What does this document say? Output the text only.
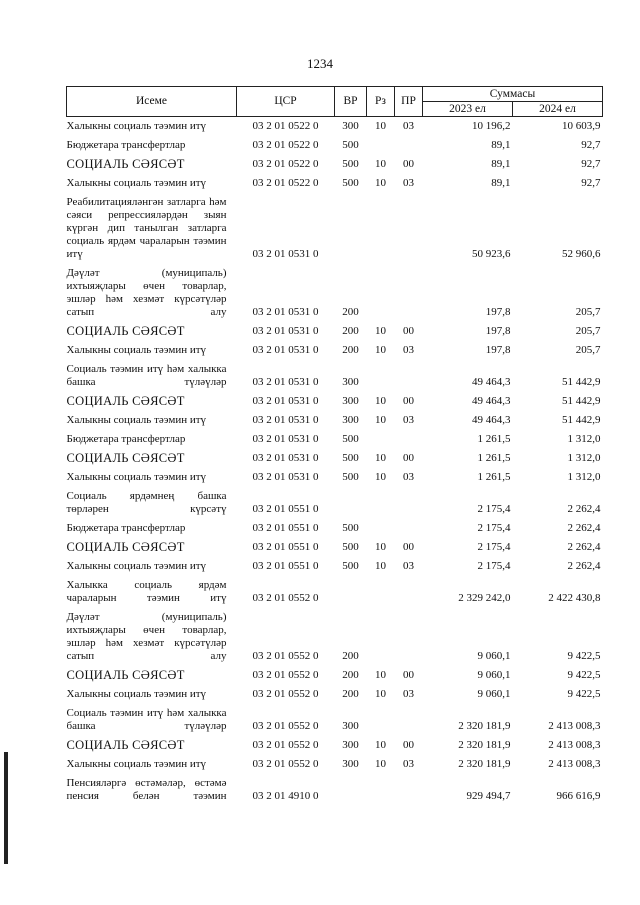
1234
Исеме	ЦСР	ВР	Рз	ПР	Суммасы	
					2023 ел	2024 ел
Халыкны социаль тәэмин итү	03 2 01 0522 0	300	10	03	10 196,2	10 603,9
Бюджетара трансфертлар	03 2 01 0522 0	500			89,1	92,7
СОЦИАЛЬ СӘЯСӘТ	03 2 01 0522 0	500	10	00	89,1	92,7
Халыкны социаль тәэмин итү	03 2 01 0522 0	500	10	03	89,1	92,7
Реабилитацияләнгән затларга һәм сәяси репрессияләрдән зыян күргән дип танылган затларга социаль ярдәм чараларын тәэмин итү	03 2 01 0531 0				50 923,6	52 960,6
Дәүләт (муниципаль) ихтыяҗлары өчен товарлар, эшләр һәм хезмәт күрсәтүләр сатып алу	03 2 01 0531 0	200			197,8	205,7
СОЦИАЛЬ СӘЯСӘТ	03 2 01 0531 0	200	10	00	197,8	205,7
Халыкны социаль тәэмин итү	03 2 01 0531 0	200	10	03	197,8	205,7
Социаль тәэмин итү һәм халыкка башка түләүләр	03 2 01 0531 0	300			49 464,3	51 442,9
СОЦИАЛЬ СӘЯСӘТ	03 2 01 0531 0	300	10	00	49 464,3	51 442,9
Халыкны социаль тәэмин итү	03 2 01 0531 0	300	10	03	49 464,3	51 442,9
Бюджетара трансфертлар	03 2 01 0531 0	500			1 261,5	1 312,0
СОЦИАЛЬ СӘЯСӘТ	03 2 01 0531 0	500	10	00	1 261,5	1 312,0
Халыкны социаль тәэмин итү	03 2 01 0531 0	500	10	03	1 261,5	1 312,0
Социаль ярдәмнең башка төрләрен күрсәтү	03 2 01 0551 0				2 175,4	2 262,4
Бюджетара трансфертлар	03 2 01 0551 0	500			2 175,4	2 262,4
СОЦИАЛЬ СӘЯСӘТ	03 2 01 0551 0	500	10	00	2 175,4	2 262,4
Халыкны социаль тәэмин итү	03 2 01 0551 0	500	10	03	2 175,4	2 262,4
Халыкка социаль ярдәм чараларын тәэмин итү	03 2 01 0552 0				2 329 242,0	2 422 430,8
Дәүләт (муниципаль) ихтыяҗлары өчен товарлар, эшләр һәм хезмәт күрсәтүләр сатып алу	03 2 01 0552 0	200			9 060,1	9 422,5
СОЦИАЛЬ СӘЯСӘТ	03 2 01 0552 0	200	10	00	9 060,1	9 422,5
Халыкны социаль тәэмин итү	03 2 01 0552 0	200	10	03	9 060,1	9 422,5
Социаль тәэмин итү һәм халыкка башка түләүләр	03 2 01 0552 0	300			2 320 181,9	2 413 008,3
СОЦИАЛЬ СӘЯСӘТ	03 2 01 0552 0	300	10	00	2 320 181,9	2 413 008,3
Халыкны социаль тәэмин итү	03 2 01 0552 0	300	10	03	2 320 181,9	2 413 008,3
Пенсияләргә өстәмәләр, өстәмә пенсия белән тәэмин	03 2 01 4910 0				929 494,7	966 616,9
